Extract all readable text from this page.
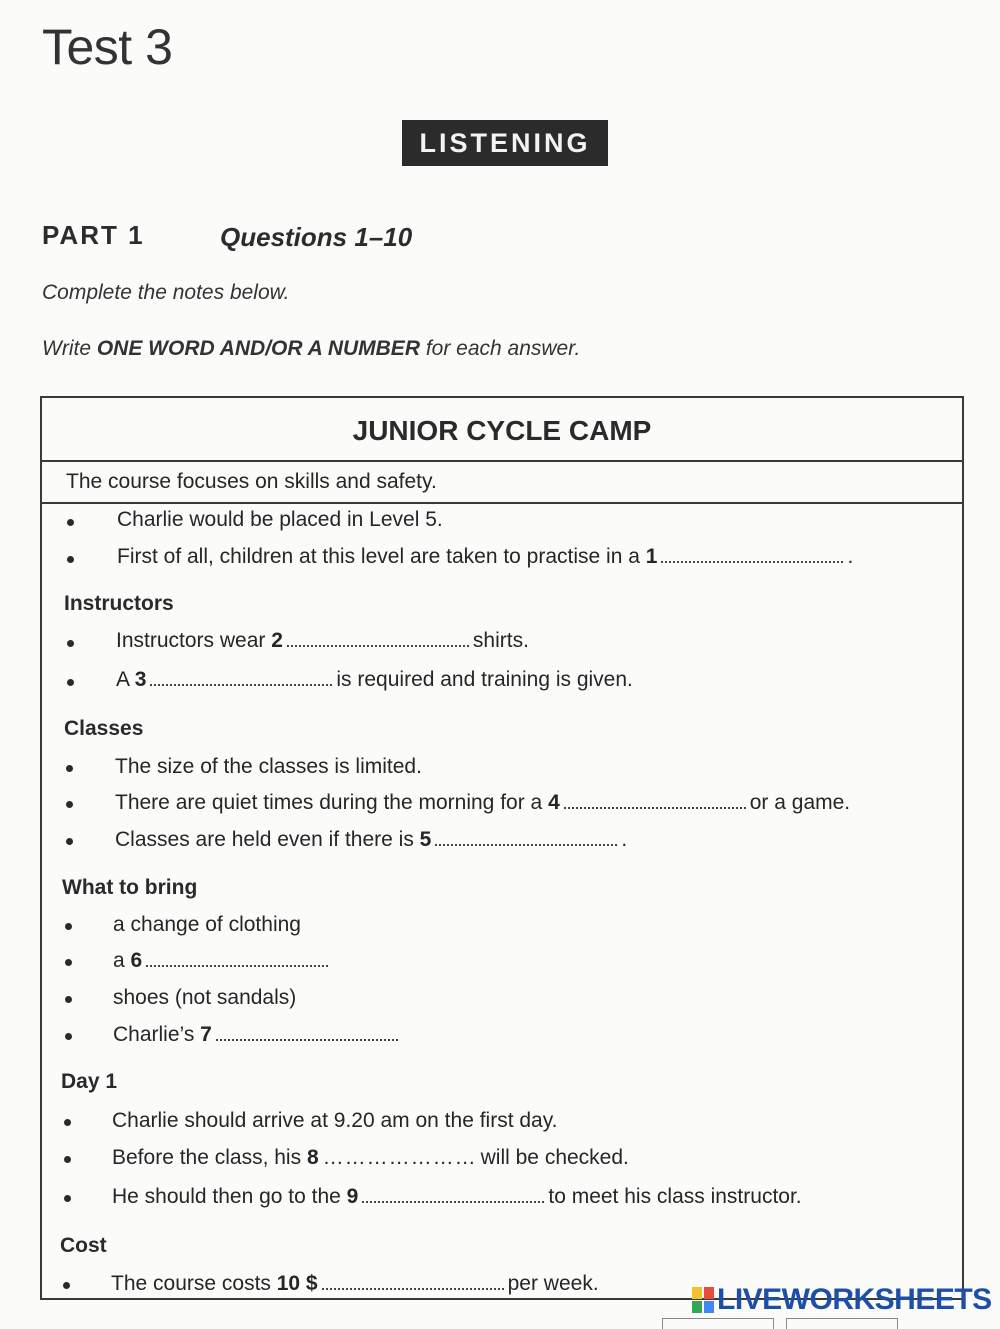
Test 3
LISTENING
PART 1	Questions 1–10
Complete the notes below.
Write ONE WORD AND/OR A NUMBER for each answer.
JUNIOR CYCLE CAMP
The course focuses on skills and safety.
Charlie would be placed in Level 5.
First of all, children at this level are taken to practise in a 1	.
Instructors
Instructors wear 2	shirts.
A 3	is required and training is given.
Classes
The size of the classes is limited.
There are quiet times during the morning for a 4	or a game.
Classes are held even if there is 5	.
What to bring
a change of clothing
a 6
shoes (not sandals)
Charlie’s 7
Day 1
Charlie should arrive at 9.20 am on the first day.
Before the class, his 8 ………………… will be checked.
He should then go to the 9	to meet his class instructor.
Cost
The course costs 10 $	per week.	LIVEWORKSHEETS
